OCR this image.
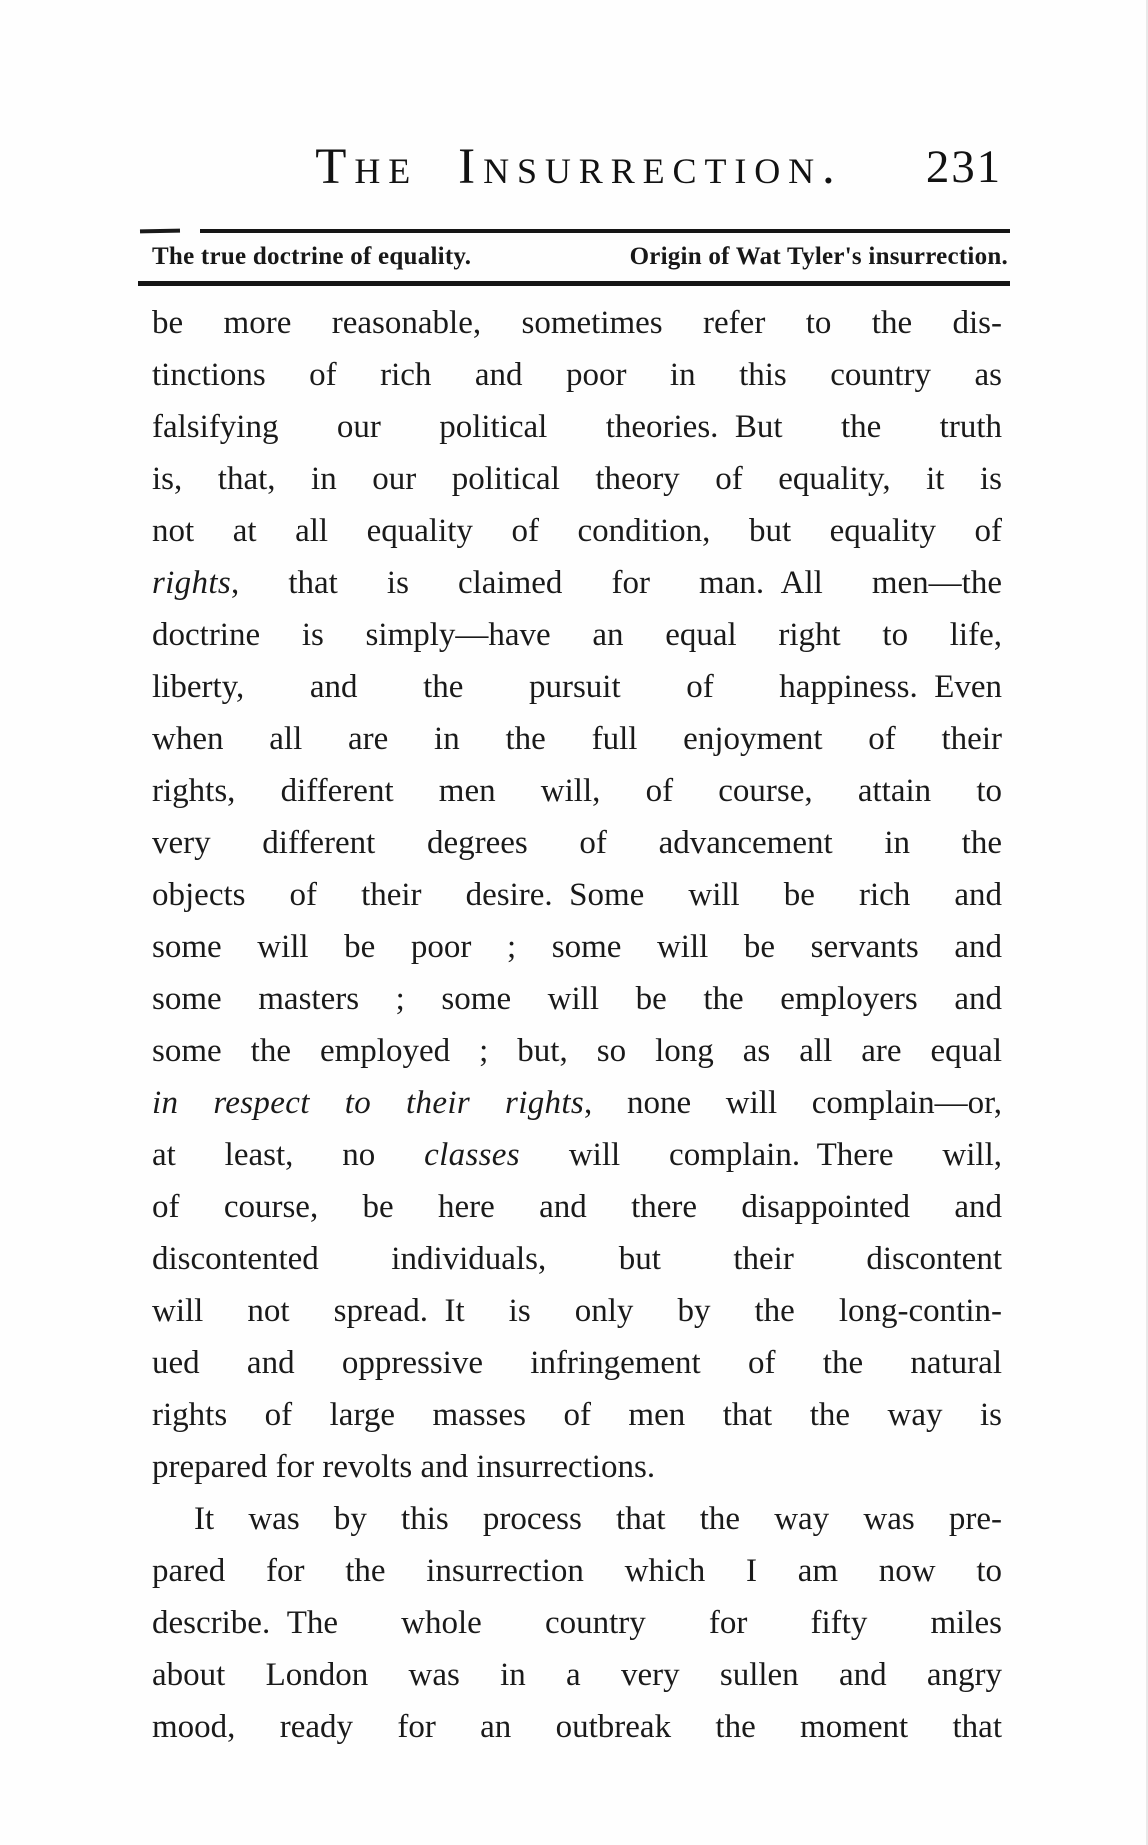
The Insurrection. 231
The true doctrine of equality.	Origin of Wat Tyler's insurrection.
be more reasonable, sometimes refer to the dis-
tinctions of rich and poor in this country as
falsifying our political theories. But the truth
is, that, in our political theory of equality, it is
not at all equality of condition, but equality of
rights, that is claimed for man. All men—the
doctrine is simply—have an equal right to life,
liberty, and the pursuit of happiness. Even
when all are in the full enjoyment of their
rights, different men will, of course, attain to
very different degrees of advancement in the
objects of their desire. Some will be rich and
some will be poor ; some will be servants and
some masters ; some will be the employers and
some the employed ; but, so long as all are equal
in respect to their rights, none will complain—or,
at least, no classes will complain. There will,
of course, be here and there disappointed and
discontented individuals, but their discontent
will not spread. It is only by the long-contin-
ued and oppressive infringement of the natural
rights of large masses of men that the way is
prepared for revolts and insurrections.
It was by this process that the way was pre-
pared for the insurrection which I am now to
describe. The whole country for fifty miles
about London was in a very sullen and angry
mood, ready for an outbreak the moment that
